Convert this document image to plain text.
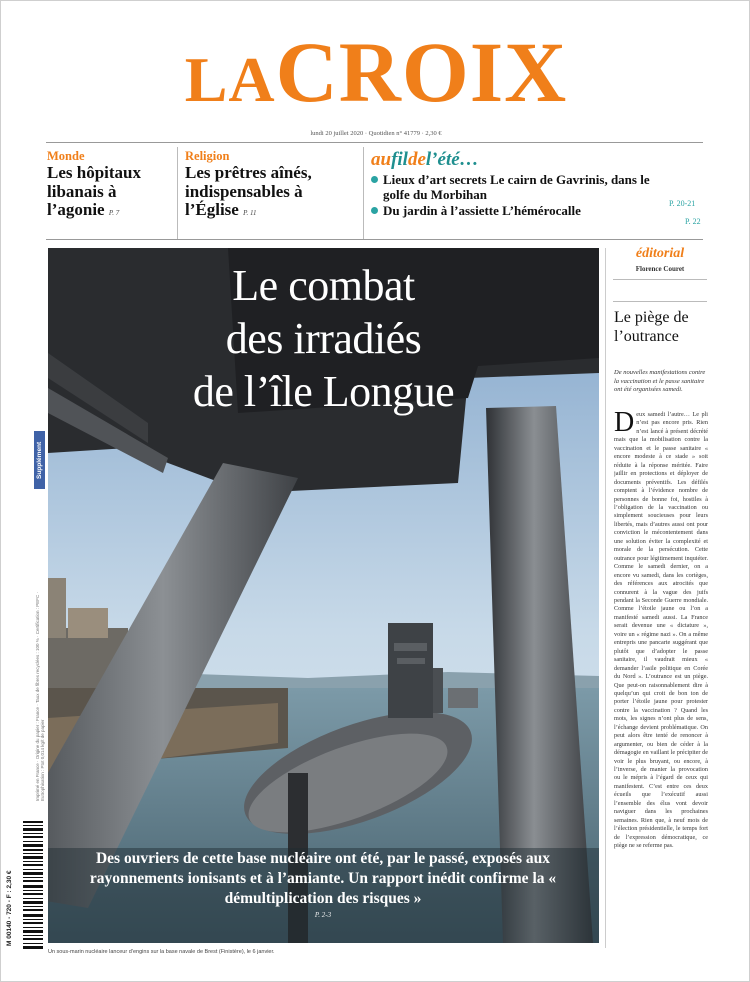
LACROIX
lundi 20 juillet 2020 · Quotidien n° 41779 · 2,30 €
Monde
Les hôpitaux libanais à l’agonie P. 7
Religion
Les prêtres aînés, indispensables à l’Église P. 11
aufildel’été…
Lieux d’art secrets Le cairn de Gavrinis, dans le golfe du Morbihan
Du jardin à l’assiette L’hémérocalle	P. 20-21
P. 22
Le combat
des irradiés
de l’île Longue
Des ouvriers de cette base nucléaire ont été, par le passé, exposés aux rayonnements ionisants et à l’amiante. Un rapport inédit confirme la « démultiplication des risques »
P. 2-3
Un sous-marin nucléaire lanceur d’engins sur la base navale de Brest (Finistère), le 6 janvier.
éditorial
Florence Couret
Le piège de l’outrance
De nouvelles manifestations contre la vaccination et le passe sanitaire ont été organisées samedi.
Deux samedi l’autre… Le pli n’est pas encore pris. Rien n’est lancé à présent décrété mais que la mobilisation contre la vaccination et le passe sanitaire « encore modeste à ce stade » soit réduite à la réponse méritée. Faire jaillir en protections et déployer de documents préventifs. Les défilés comptent à l’évidence nombre de personnes de bonne foi, hostiles à l’obligation de la vaccination ou simplement soucieuses pour leurs libertés, mais d’autres aussi ont pour conviction le mécontentement dans une solution éviter la complexité et morale de la persécution. Cette outrance pour légitimement inquiéter. Comme le samedi dernier, on a encore vu samedi, dans les cortèges, des références aux atrocités que connurent à la vague des juifs pendant la Seconde Guerre mondiale. Comme l’étoile jaune ou l’on a manifesté samedi aussi. La France serait devenue une « dictature », voire un « régime nazi ». On a même entrepris une pancarte suggérant que plutôt que d’adopter le passe sanitaire, il vaudrait mieux « demander l’asile politique en Corée du Nord ». L’outrance est un piège. Que peut-on raisonnablement dire à quelqu’un qui croit de bon ton de porter l’étoile jaune pour protester contre la vaccination ? Quand les mots, les signes n’ont plus de sens, l’échange devient problématique. On peut alors être tenté de renoncer à argumenter, ou bien de céder à la démagogie en vaillant le précipiter de voir le plus bruyant, ou encore, à l’inverse, de manier la provocation ou le mépris à l’égard de ceux qui manifestent. C’est entre ces deux écueils que l’exécutif aussi l’ensemble des élus vont devoir naviguer dans les prochaines semaines. Rien que, à neuf mois de l’élection présidentielle, le temps fort de l’expression démocratique, ce piège ne se referme pas.
Supplément
Imprimé en France · Origine du papier : France · Taux de fibres recyclées : 100 % · Certification : PEFC · Eutrophisation : Ptot 0,014 kg/t de papier
M 00140 - 720 - F : 2,30 €
